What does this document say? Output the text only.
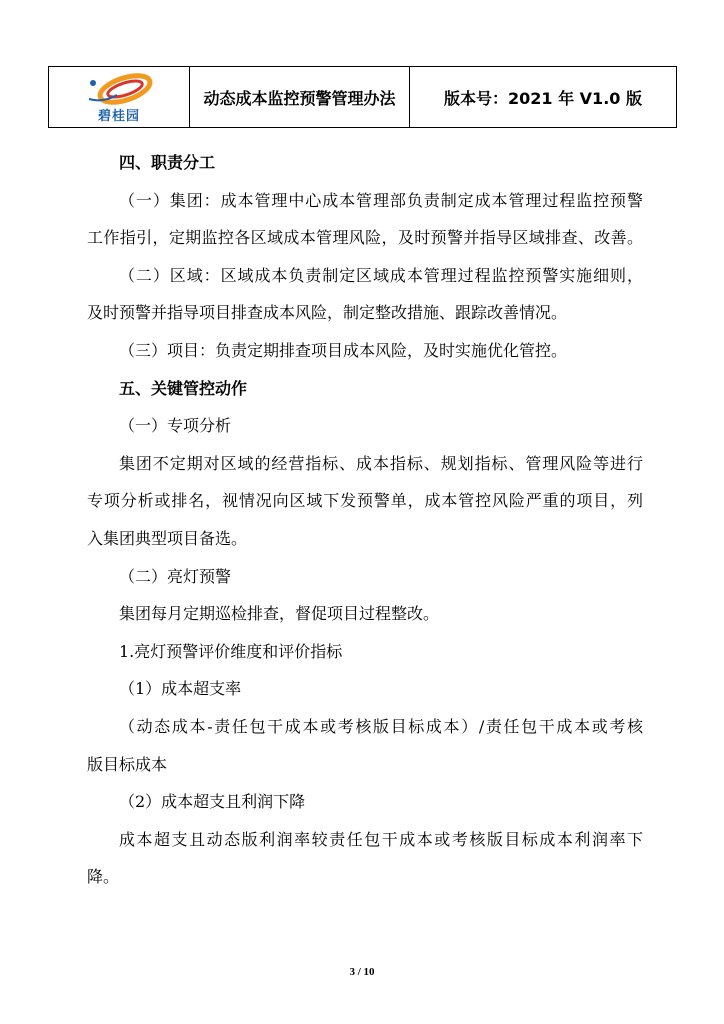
碧桂园
	动态成本监控预警管理办法	版本号：2021 年 V1.0 版
四、职责分工
（一）集团：成本管理中心成本管理部负责制定成本管理过程监控预警
工作指引，定期监控各区域成本管理风险，及时预警并指导区域排查、改善。
（二）区域：区域成本负责制定区域成本管理过程监控预警实施细则，
及时预警并指导项目排查成本风险，制定整改措施、跟踪改善情况。
（三）项目：负责定期排查项目成本风险，及时实施优化管控。
五、关键管控动作
（一）专项分析
集团不定期对区域的经营指标、成本指标、规划指标、管理风险等进行
专项分析或排名，视情况向区域下发预警单，成本管控风险严重的项目，列
入集团典型项目备选。
（二）亮灯预警
集团每月定期巡检排查，督促项目过程整改。
1.亮灯预警评价维度和评价指标
（1）成本超支率
（动态成本-责任包干成本或考核版目标成本）/责任包干成本或考核
版目标成本
（2）成本超支且利润下降
成本超支且动态版利润率较责任包干成本或考核版目标成本利润率下
降。
3 / 10
